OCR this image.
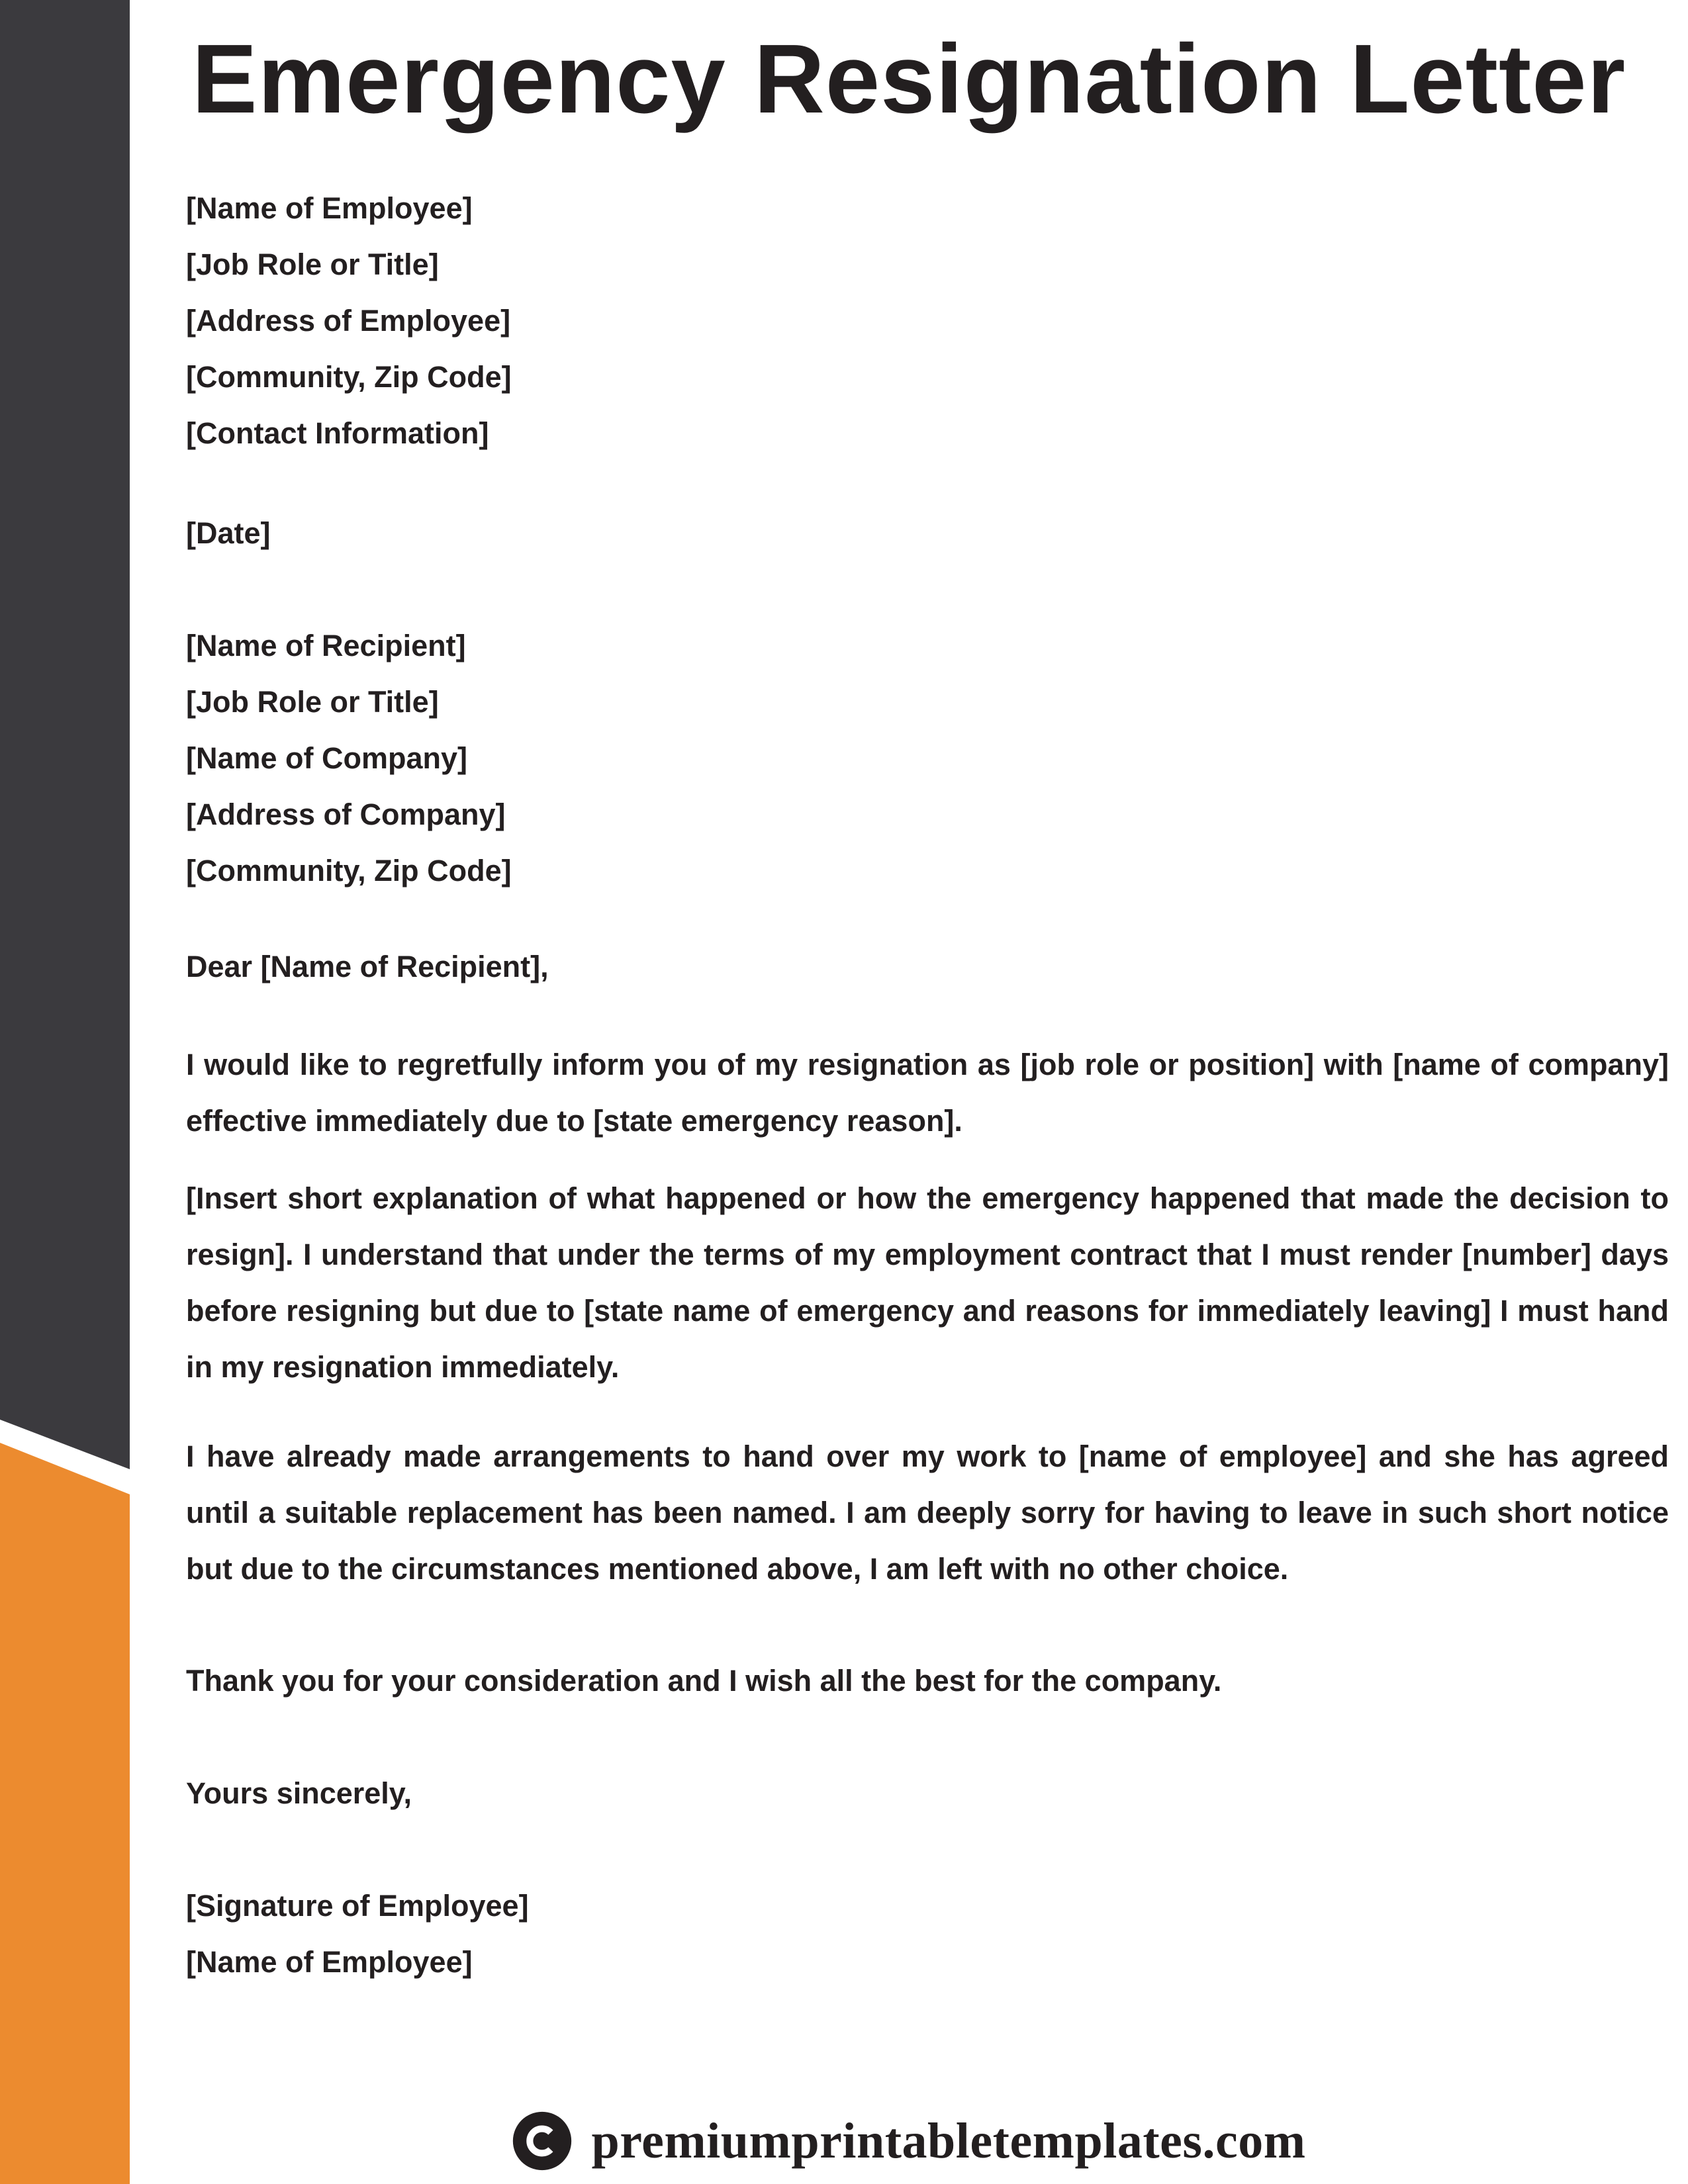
Emergency Resignation Letter
[Name of Employee]
[Job Role or Title]
[Address of Employee]
[Community, Zip Code]
[Contact Information]
[Date]
[Name of Recipient]
[Job Role or Title]
[Name of Company]
[Address of Company]
[Community, Zip Code]
Dear [Name of Recipient],
I would like to regretfully inform you of my resignation as [job role or position] with [name of company] effective immediately due to [state emergency reason].
[Insert short explanation of what happened or how the emergency happened that made the decision to resign]. I understand that under the terms of my employment contract that I must render [number] days before resigning but due to [state name of emergency and reasons for immediately leaving] I must hand in my resignation immediately.
I have already made arrangements to hand over my work to [name of employee] and she has agreed until a suitable replacement has been named. I am deeply sorry for having to leave in such short notice but due to the circumstances mentioned above, I am left with no other choice.
Thank you for your consideration and I wish all the best for the company.
Yours sincerely,
[Signature of Employee]
[Name of Employee]
premiumprintabletemplates.com
